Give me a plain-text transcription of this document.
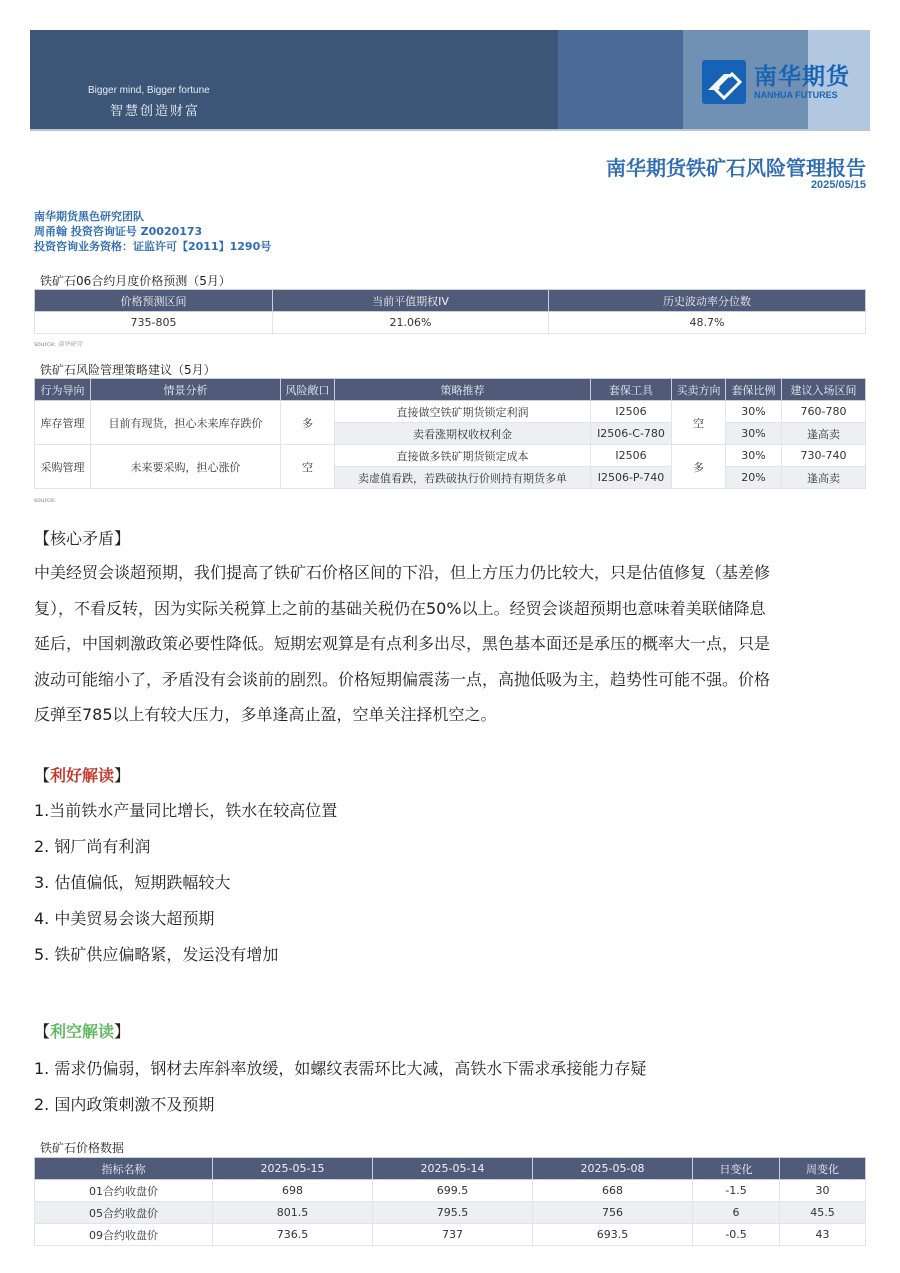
Bigger mind, Bigger fortune
智慧创造财富
南华期货
NANHUA FUTURES
南华期货铁矿石风险管理报告
2025/05/15
南华期货黑色研究团队
周甬翰 投资咨询证号 Z0020173
投资咨询业务资格：证监许可【2011】1290号
铁矿石06合约月度价格预测（5月）
价格预测区间	当前平值期权IV	历史波动率分位数
735-805	21.06%	48.7%
source: 南华研究
铁矿石风险管理策略建议（5月）
行为导向	情景分析	风险敞口	策略推荐	套保工具	买卖方向	套保比例	建议入场区间
库存管理	目前有现货，担心未来库存跌价	多	直接做空铁矿期货锁定利润	I2506	空	30%	760-780
			卖看涨期权收权利金	I2506-C-780		30%	逢高卖
采购管理	未来要采购，担心涨价	空	直接做多铁矿期货锁定成本	I2506	多	30%	730-740
			卖虚值看跌，若跌破执行价则持有期货多单	I2506-P-740		20%	逢高卖
source:
【核心矛盾】
中美经贸会谈超预期，我们提高了铁矿石价格区间的下沿，但上方压力仍比较大，只是估值修复（基差修
复），不看反转，因为实际关税算上之前的基础关税仍在50%以上。经贸会谈超预期也意味着美联储降息
延后，中国刺激政策必要性降低。短期宏观算是有点利多出尽，黑色基本面还是承压的概率大一点，只是
波动可能缩小了，矛盾没有会谈前的剧烈。价格短期偏震荡一点，高抛低吸为主，趋势性可能不强。价格
反弹至785以上有较大压力，多单逢高止盈，空单关注择机空之。
【利好解读】
1.当前铁水产量同比增长，铁水在较高位置
2. 钢厂尚有利润
3. 估值偏低，短期跌幅较大
4. 中美贸易会谈大超预期
5. 铁矿供应偏略紧，发运没有增加
【利空解读】
1. 需求仍偏弱，钢材去库斜率放缓，如螺纹表需环比大减，高铁水下需求承接能力存疑
2. 国内政策刺激不及预期
铁矿石价格数据
指标名称	2025-05-15	2025-05-14	2025-05-08	日变化	周变化
01合约收盘价	698	699.5	668	-1.5	30
05合约收盘价	801.5	795.5	756	6	45.5
09合约收盘价	736.5	737	693.5	-0.5	43
